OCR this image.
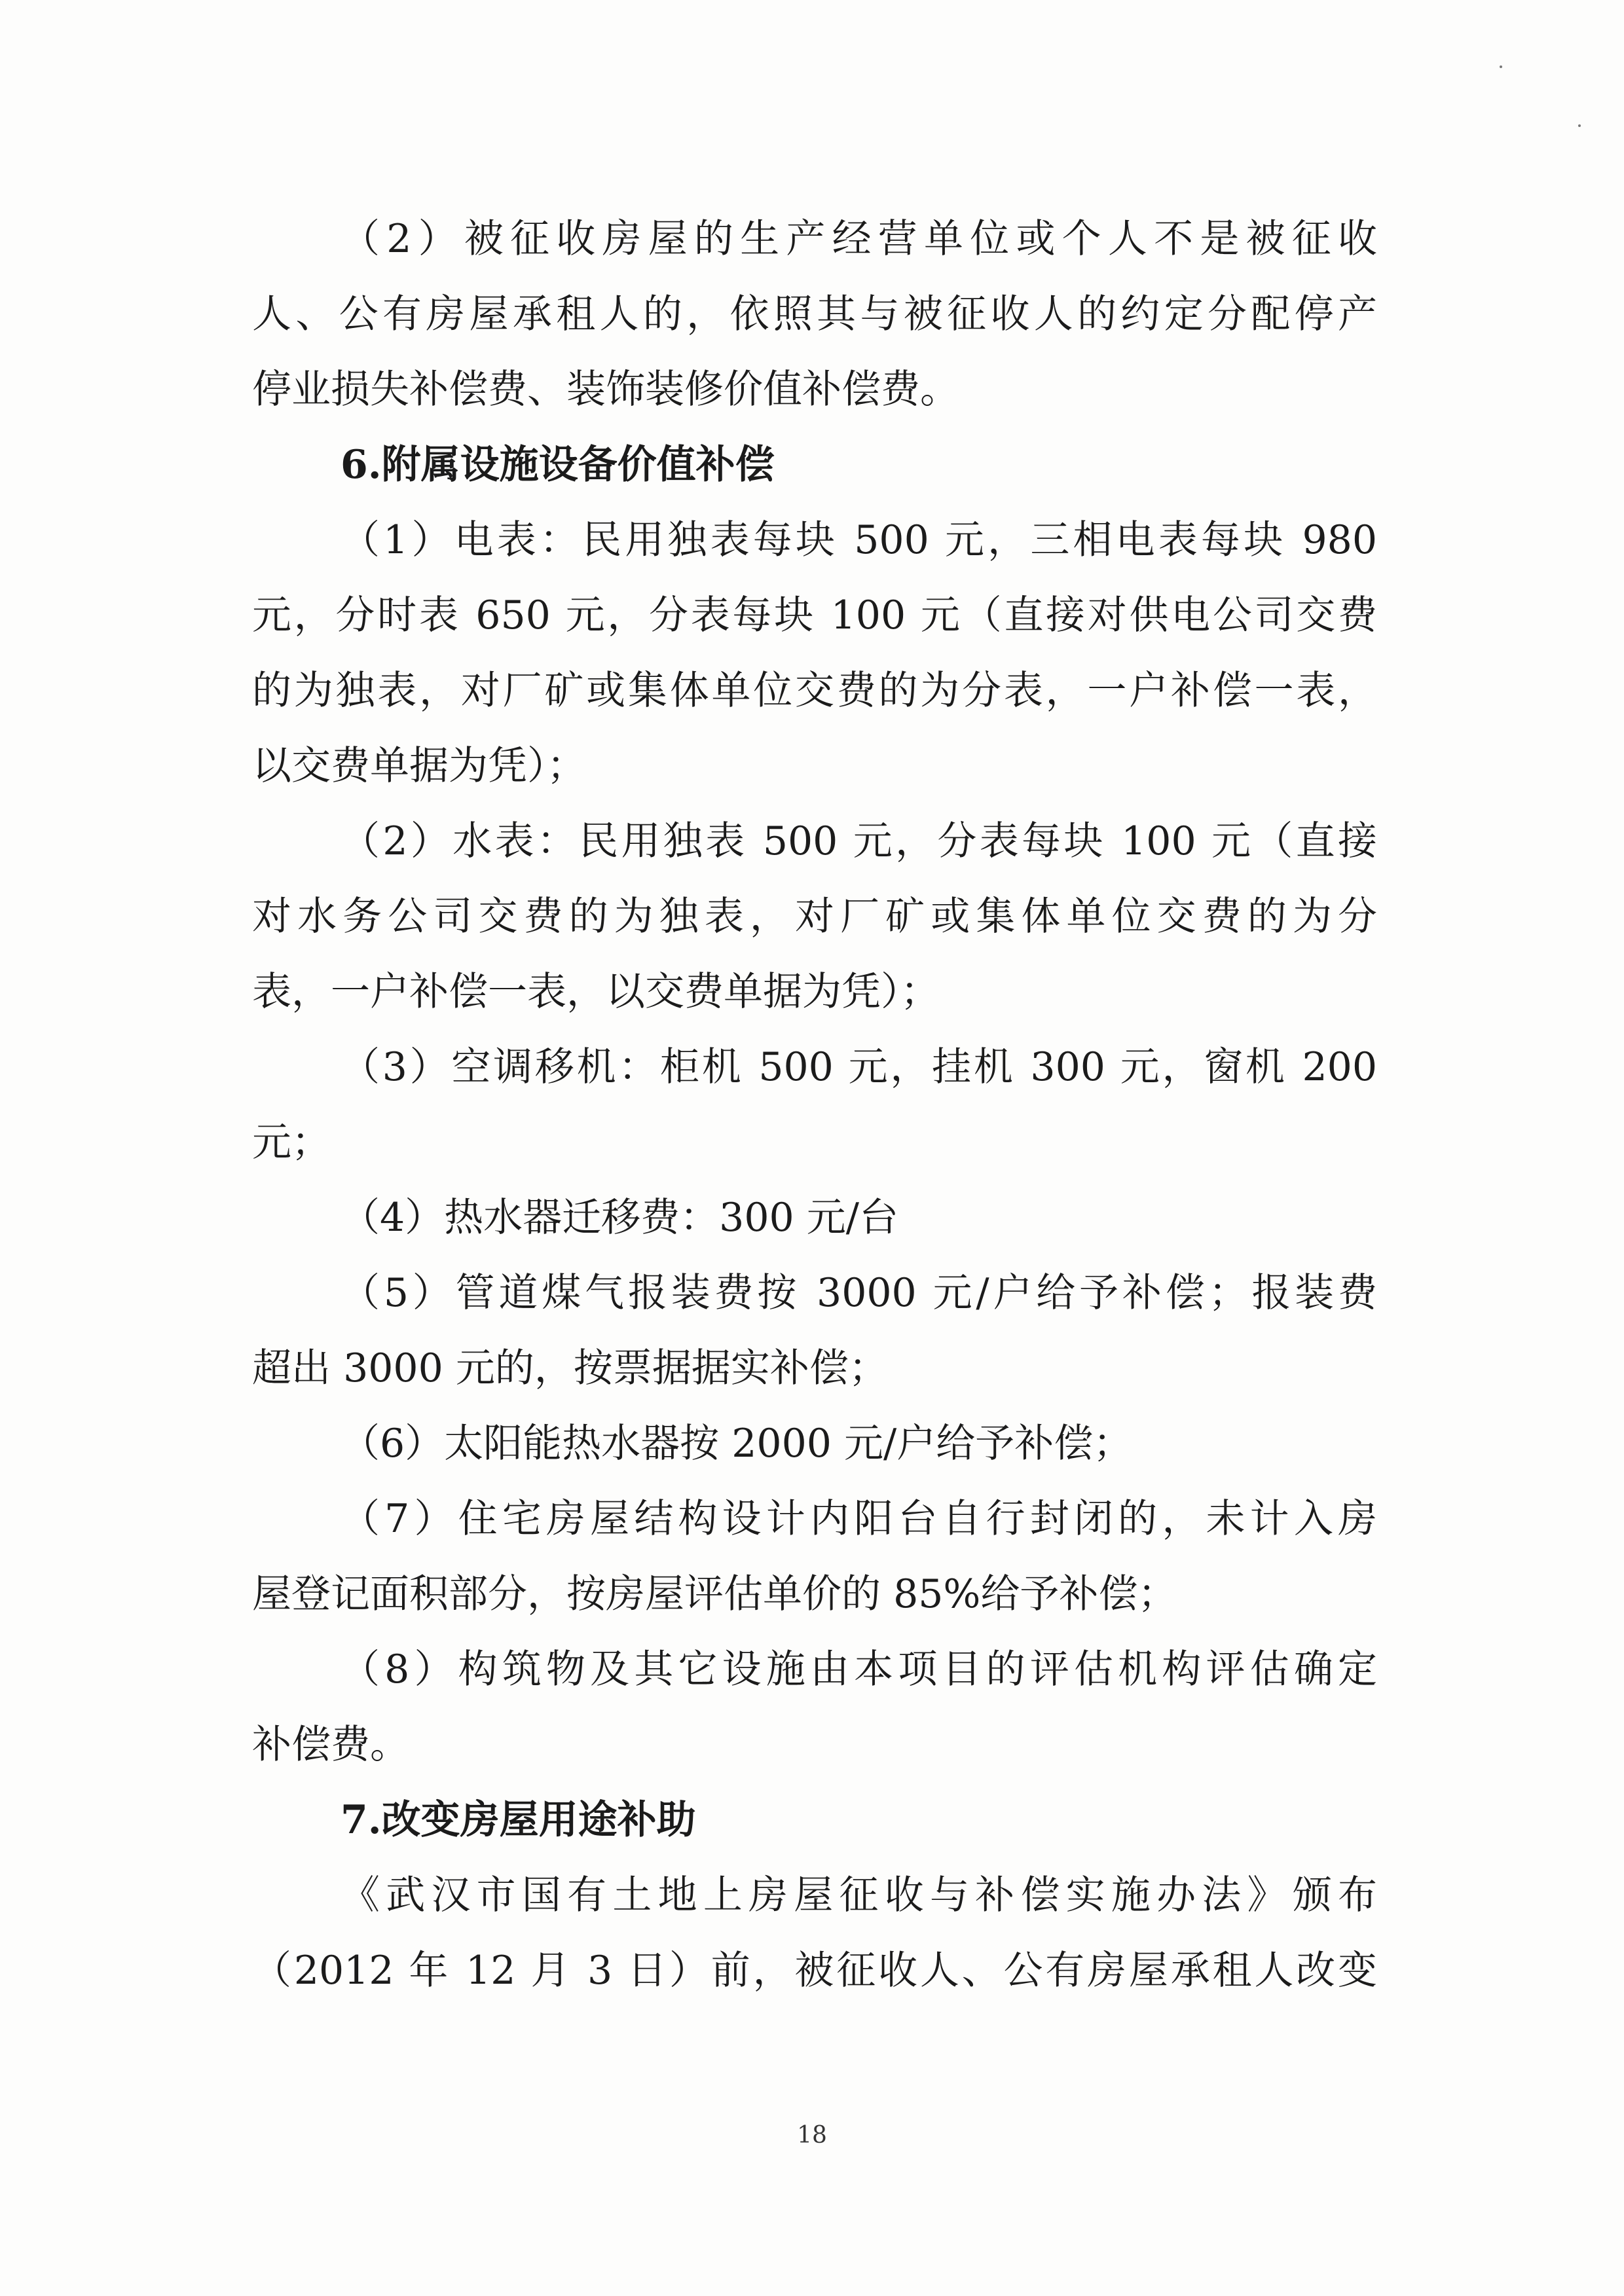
（2）被征收房屋的生产经营单位或个人不是被征收
人、公有房屋承租人的，依照其与被征收人的约定分配停产
停业损失补偿费、装饰装修价值补偿费。
6.附属设施设备价值补偿
（1）电表：民用独表每块 500 元，三相电表每块 980
元，分时表 650 元，分表每块 100 元（直接对供电公司交费
的为独表，对厂矿或集体单位交费的为分表，一户补偿一表，
以交费单据为凭）；
（2）水表：民用独表 500 元，分表每块 100 元（直接
对水务公司交费的为独表，对厂矿或集体单位交费的为分
表，一户补偿一表，以交费单据为凭）；
（3）空调移机：柜机 500 元，挂机 300 元，窗机 200
元；
（4）热水器迁移费：300 元/台
（5）管道煤气报装费按 3000 元/户给予补偿；报装费
超出 3000 元的，按票据据实补偿；
（6）太阳能热水器按 2000 元/户给予补偿；
（7）住宅房屋结构设计内阳台自行封闭的，未计入房
屋登记面积部分，按房屋评估单价的 85%给予补偿；
（8）构筑物及其它设施由本项目的评估机构评估确定
补偿费。
7.改变房屋用途补助
《武汉市国有土地上房屋征收与补偿实施办法》颁布
（2012 年 12 月 3 日）前，被征收人、公有房屋承租人改变
18
